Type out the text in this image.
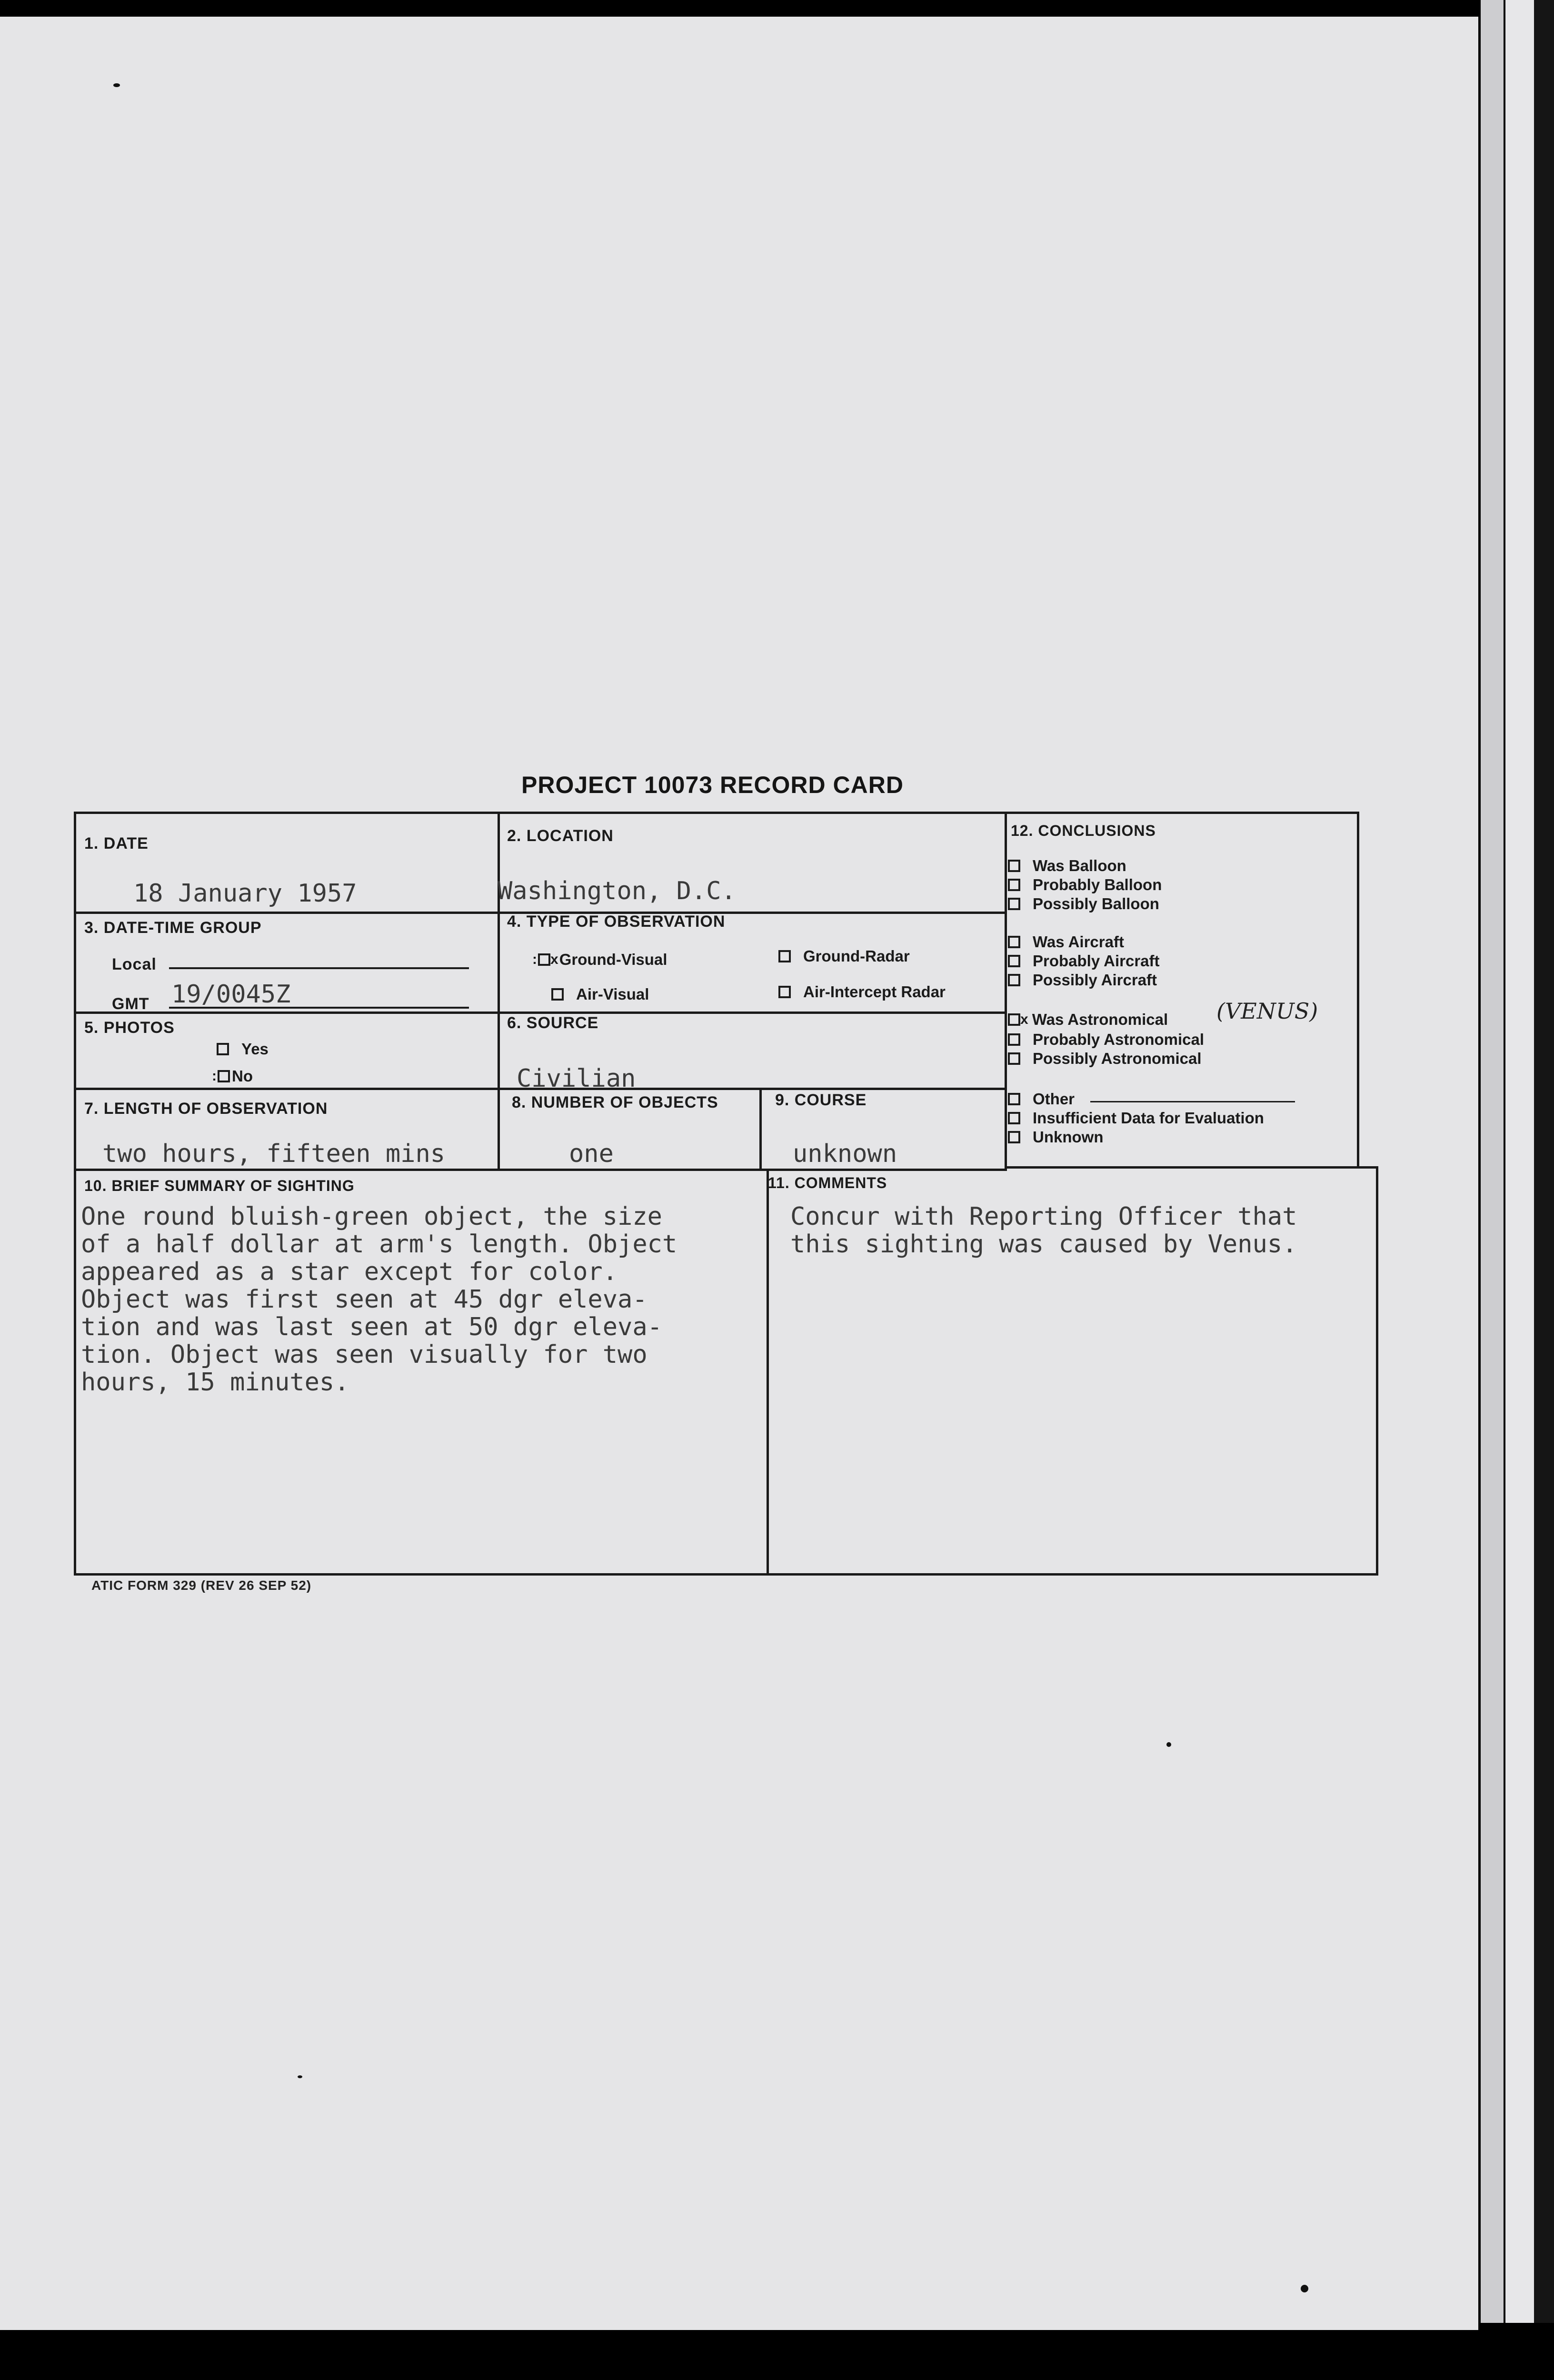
PROJECT 10073 RECORD CARD
1. DATE
18 January 1957
2. LOCATION
Washington, D.C.
3. DATE-TIME GROUP
Local
GMT 19/0045Z
4. TYPE OF OBSERVATION
: x Ground-Visual	Ground-Radar
Air-Visual	Air-Intercept Radar
5. PHOTOS
Yes
: No
6. SOURCE
Civilian
7. LENGTH OF OBSERVATION
two hours, fifteen mins
8. NUMBER OF OBJECTS
one
9. COURSE
unknown
10. BRIEF SUMMARY OF SIGHTING
One round bluish-green object, the size
of a half dollar at arm's length. Object
appeared as a star except for color.
Object was first seen at 45 dgr eleva-
tion and was last seen at 50 dgr eleva-
tion. Object was seen visually for two
hours, 15 minutes.
11. COMMENTS
Concur with Reporting Officer that
this sighting was caused by Venus.
12. CONCLUSIONS
Was Balloon
Probably Balloon
Possibly Balloon
Was Aircraft
Probably Aircraft
Possibly Aircraft
x Was Astronomical (VENUS)
Probably Astronomical
Possibly Astronomical
Other
Insufficient Data for Evaluation
Unknown
ATIC FORM 329 (REV 26 SEP 52)
